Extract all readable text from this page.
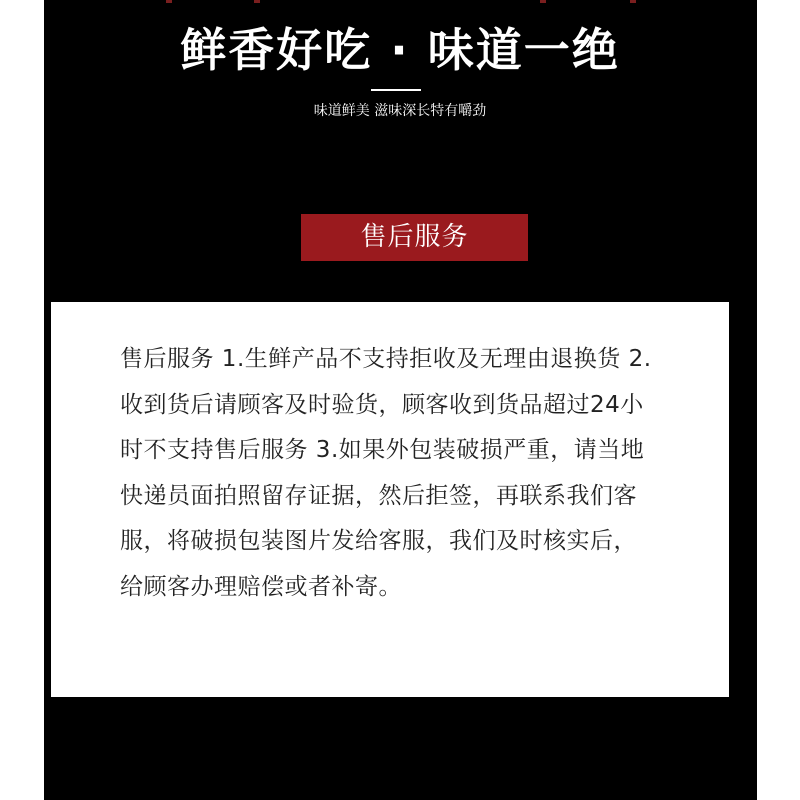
鲜香好吃 · 味道一绝
味道鲜美 滋味深长特有嚼劲
售后服务

售后服务 1.生鲜产品不支持拒收及无理由退换货 2.收到货后请顾客及时验货，顾客收到货品超过24小时不支持售后服务 3.如果外包装破损严重，请当地快递员面拍照留存证据，然后拒签，再联系我们客服，将破损包装图片发给客服，我们及时核实后，给顾客办理赔偿或者补寄。
